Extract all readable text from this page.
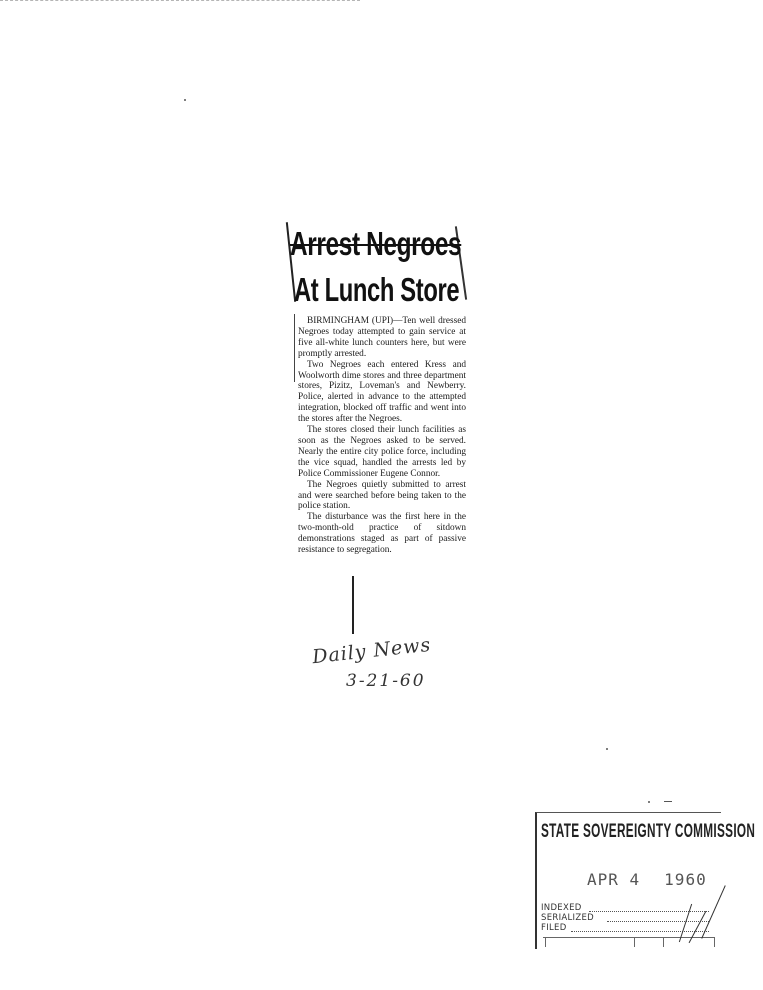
Arrest Negroes
At Lunch Store

BIRMINGHAM (UPI)—Ten well dressed Negroes today attempted to gain service at five all-white lunch counters here, but were promptly arrested.

Two Negroes each entered Kress and Woolworth dime stores and three department stores, Pizitz, Loveman's and Newberry. Police, alerted in advance to the attempted integration, blocked off traffic and went into the stores after the Negroes.

The stores closed their lunch facilities as soon as the Negroes asked to be served. Nearly the entire city police force, including the vice squad, handled the arrests led by Police Commissioner Eugene Connor.

The Negroes quietly submitted to arrest and were searched before being taken to the police station.

The disturbance was the first here in the two-month-old practice of sitdown demonstrations staged as part of passive resistance to segregation.

Daily News
3-21-60
STATE SOVEREIGNTY COMMISSION
APR 4 1960
INDEXED
SERIALIZED
FILED
